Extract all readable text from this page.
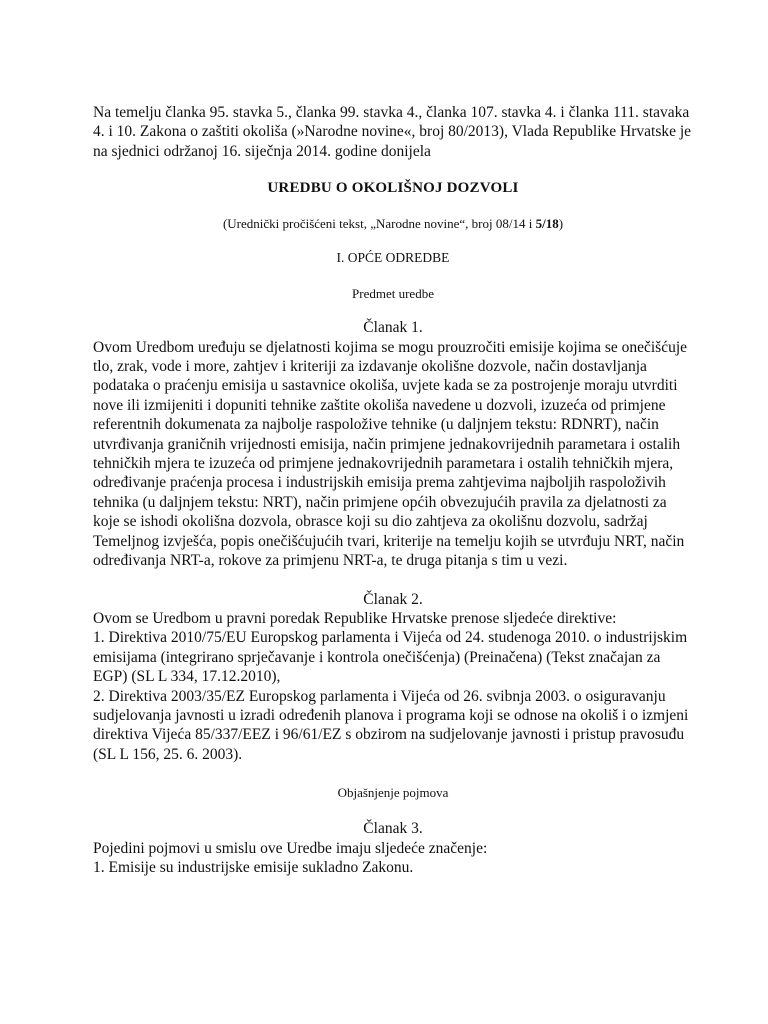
Na temelju članka 95. stavka 5., članka 99. stavka 4., članka 107. stavka 4. i članka 111. stavaka 4. i 10. Zakona o zaštiti okoliša (»Narodne novine«, broj 80/2013), Vlada Republike Hrvatske je na sjednici održanoj 16. siječnja 2014. godine donijela

UREDBU O OKOLIŠNOJ DOZVOLI

(Urednički pročišćeni tekst, „Narodne novine“, broj 08/14 i 5/18)

I. OPĆE ODREDBE

Predmet uredbe

Članak 1.

Ovom Uredbom uređuju se djelatnosti kojima se mogu prouzročiti emisije kojima se onečišćuje tlo, zrak, vode i more, zahtjev i kriteriji za izdavanje okolišne dozvole, način dostavljanja podataka o praćenju emisija u sastavnice okoliša, uvjete kada se za postrojenje moraju utvrditi nove ili izmijeniti i dopuniti tehnike zaštite okoliša navedene u dozvoli, izuzeća od primjene referentnih dokumenata za najbolje raspoložive tehnike (u daljnjem tekstu: RDNRT), način utvrđivanja graničnih vrijednosti emisija, način primjene jednakovrijednih parametara i ostalih tehničkih mjera te izuzeća od primjene jednakovrijednih parametara i ostalih tehničkih mjera, određivanje praćenja procesa i industrijskih emisija prema zahtjevima najboljih raspoloživih tehnika (u daljnjem tekstu: NRT), način primjene općih obvezujućih pravila za djelatnosti za koje se ishodi okolišna dozvola, obrasce koji su dio zahtjeva za okolišnu dozvolu, sadržaj Temeljnog izvješća, popis onečišćujućih tvari, kriterije na temelju kojih se utvrđuju NRT, način određivanja NRT-a, rokove za primjenu NRT-a, te druga pitanja s tim u vezi.

Članak 2.

Ovom se Uredbom u pravni poredak Republike Hrvatske prenose sljedeće direktive:

1. Direktiva 2010/75/EU Europskog parlamenta i Vijeća od 24. studenoga 2010. o industrijskim emisijama (integrirano sprječavanje i kontrola onečišćenja) (Preinačena) (Tekst značajan za EGP) (SL L 334, 17.12.2010),

2. Direktiva 2003/35/EZ Europskog parlamenta i Vijeća od 26. svibnja 2003. o osiguravanju sudjelovanja javnosti u izradi određenih planova i programa koji se odnose na okoliš i o izmjeni direktiva Vijeća 85/337/EEZ i 96/61/EZ s obzirom na sudjelovanje javnosti i pristup pravosuđu (SL L 156, 25. 6. 2003).

Objašnjenje pojmova

Članak 3.

Pojedini pojmovi u smislu ove Uredbe imaju sljedeće značenje:

1. Emisije su industrijske emisije sukladno Zakonu.
